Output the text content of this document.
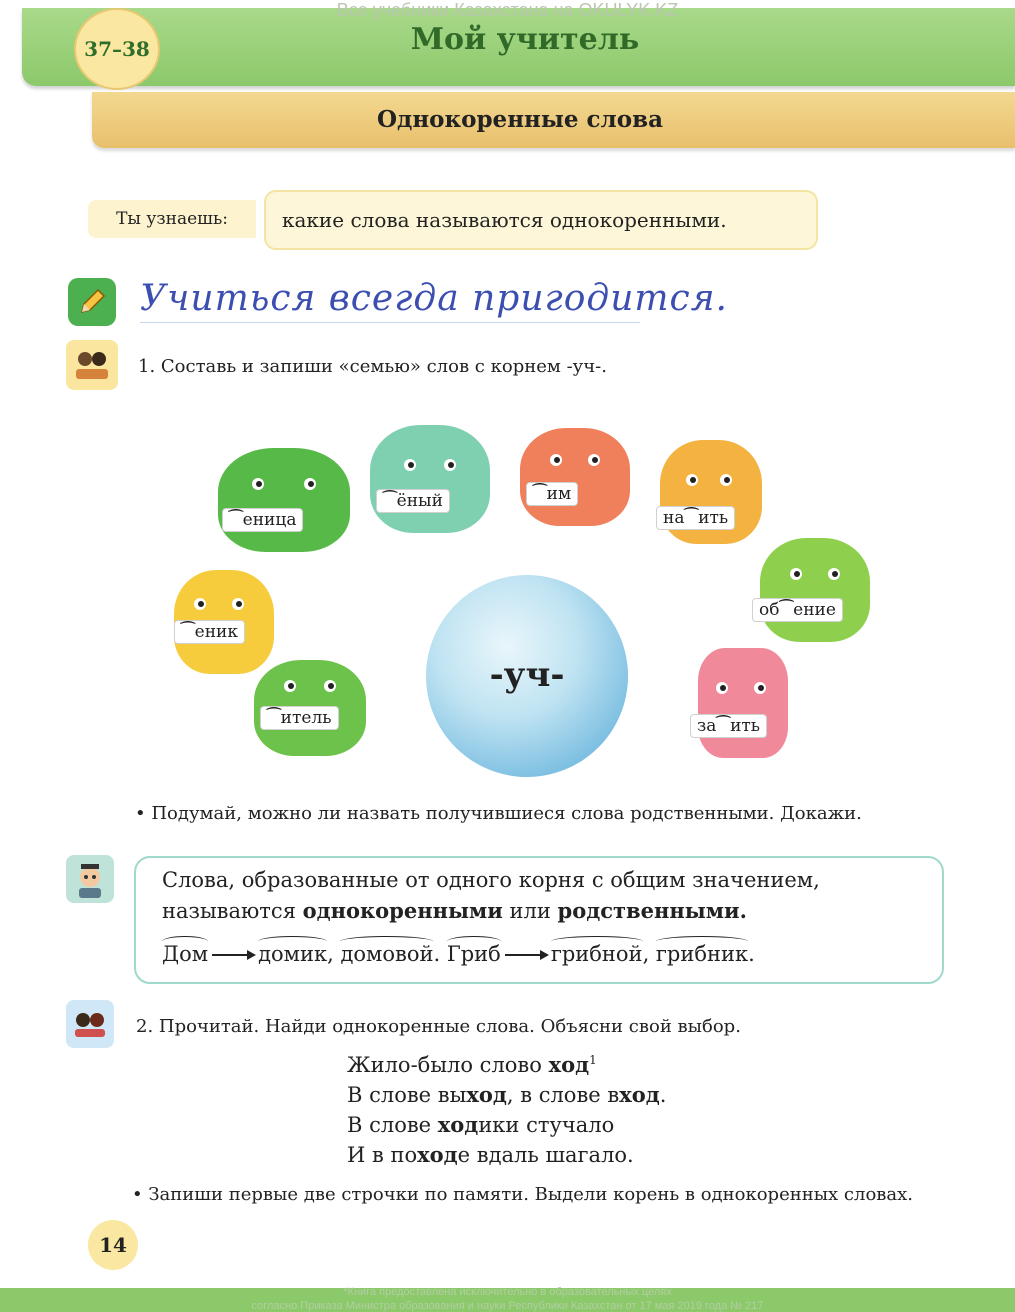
Все учебники Казахстана на OKULYK.KZ
37–38	Мой учитель
Однокоренные слова
Ты узнаешь:	какие слова называются однокоренными.
Учиться всегда пригодится.
1. Составь и запиши «семью» слов с корнем -уч-.
-уч-
⁀еница
⁀ёный	⁀им
на⁀ить
⁀еник
об⁀ение
⁀итель	за⁀ить
• Подумай, можно ли назвать получившиеся слова родственными. Докажи.
Слова, образованные от одного корня с общим значением,
называются однокоренными или родственными.
Дом домик, домовой. Гриб грибной, грибник.
2. Прочитай. Найди однокоренные слова. Объясни свой выбор.
Жило-было слово ход$^1$
В слове выход, в слове вход.
В слове ходики стучало
И в походе вдаль шагало.
• Запиши первые две строчки по памяти. Выдели корень в однокоренных словах.
14
*Книга предоставлена исключительно в образовательных целях
согласно Приказа Министра образования и науки Республики Казахстан от 17 мая 2019 года № 217
